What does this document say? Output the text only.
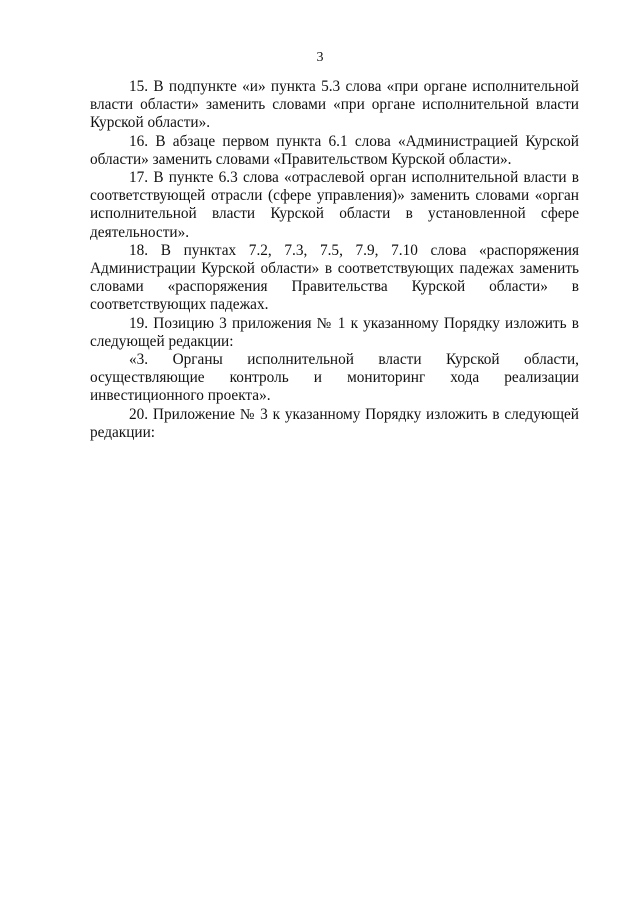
3

15. В подпункте «и» пункта 5.3 слова «при органе исполнительной власти области» заменить словами «при органе исполнительной власти Курской области».

16. В абзаце первом пункта 6.1 слова «Администрацией Курской области» заменить словами «Правительством Курской области».

17. В пункте 6.3 слова «отраслевой орган исполнительной власти в соответствующей отрасли (сфере управления)» заменить словами «орган исполнительной власти Курской области в установленной сфере деятельности».

18. В пунктах 7.2, 7.3, 7.5, 7.9, 7.10 слова «распоряжения Администрации Курской области» в соответствующих падежах заменить словами «распоряжения Правительства Курской области» в соответствующих падежах.

19. Позицию 3 приложения № 1 к указанному Порядку изложить в следующей редакции:

«3. Органы исполнительной власти Курской области, осуществляющие контроль и мониторинг хода реализации инвестиционного проекта».

20. Приложение № 3 к указанному Порядку изложить в следующей редакции:
